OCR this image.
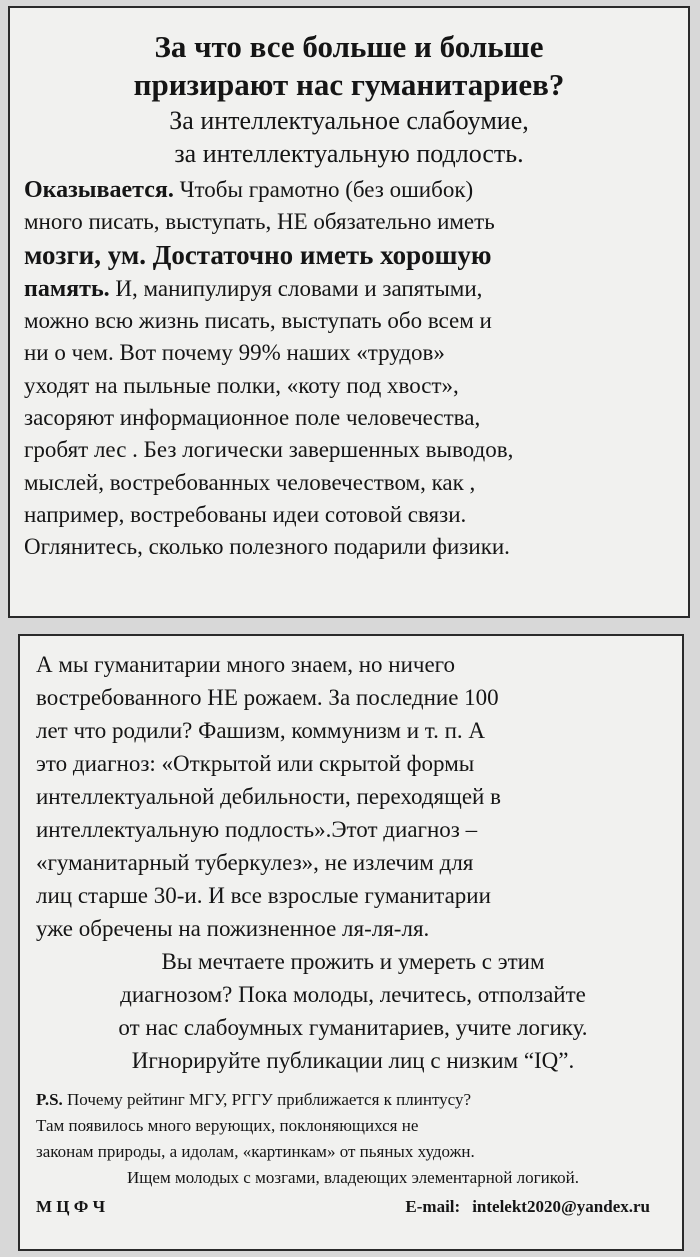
За что все больше и больше

призирают нас гуманитариев?

За интеллектуальное слабоумие,

за интеллектуальную подлость.

Оказывается. Чтобы грамотно (без ошибок)

много писать, выступать, НЕ обязательно иметь

мозги, ум. Достаточно иметь хорошую

память. И, манипулируя словами и запятыми,

можно всю жизнь писать, выступать обо всем и

ни о чем. Вот почему 99% наших «трудов»

уходят на пыльные полки, «коту под хвост»,

засоряют информационное поле человечества,

гробят лес . Без логически завершенных выводов,

мыслей, востребованных человечеством, как ,

например, востребованы идеи сотовой связи.

Оглянитесь, сколько полезного подарили физики.

А мы гуманитарии много знаем, но ничего

востребованного НЕ рожаем. За последние 100

лет что родили? Фашизм, коммунизм и т. п. А

это диагноз: «Открытой или скрытой формы

интеллектуальной дебильности, переходящей в

интеллектуальную подлость».Этот диагноз –

«гуманитарный туберкулез», не излечим для

лиц старше 30-и. И все взрослые гуманитарии

уже обречены на пожизненное ля-ля-ля.

Вы мечтаете прожить и умереть с этим

диагнозом? Пока молоды, лечитесь, отползайте

от нас слабоумных гуманитариев, учите логику.

Игнорируйте публикации лиц с низким “IQ”.

P.S. Почему рейтинг МГУ, РГГУ приближается к плинтусу?
Там появилось много верующих, поклоняющихся не
законам природы, а идолам, «картинкам» от пьяных художн.
Ищем молодых с мозгами, владеющих элементарной логикой.
М Ц Ф Ч	E-mail: intelekt2020@yandex.ru
